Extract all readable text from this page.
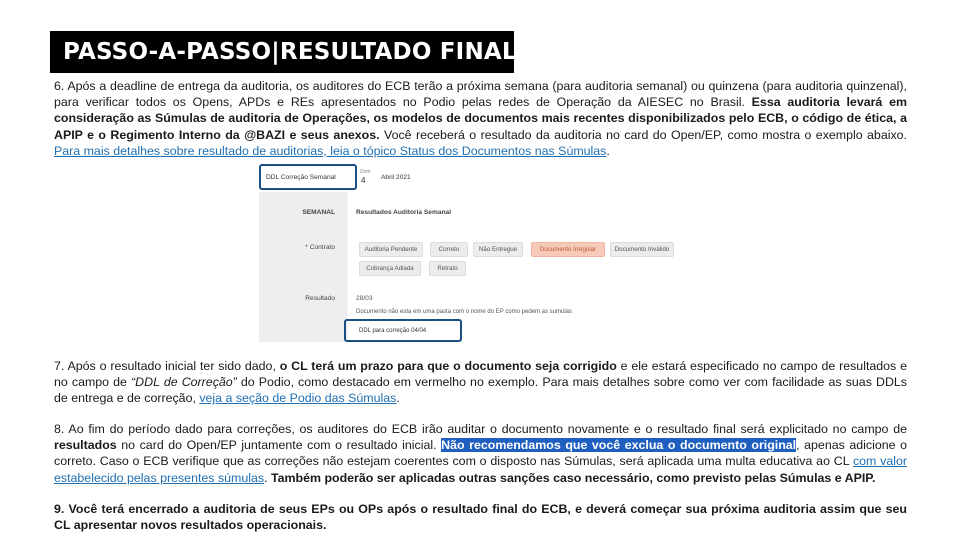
PASSO-A-PASSO|RESULTADO FINAL

6. Após a deadline de entrega da auditoria, os auditores do ECB terão a próxima semana (para auditoria semanal) ou quinzena (para auditoria quinzenal), para verificar todos os Opens, APDs e REs apresentados no Podio pelas redes de Operação da AIESEC no Brasil. Essa auditoria levará em consideração as Súmulas de auditoria de Operações, os modelos de documentos mais recentes disponibilizados pelo ECB, o código de ética, a APIP e o Regimento Interno da @BAZI e seus anexos. Você receberá o resultado da auditoria no card do Open/EP, como mostra o exemplo abaixo. Para mais detalhes sobre resultado de auditorias, leia o tópico Status dos Documentos nas Súmulas.

DDL Correção Semanal
Dom
4 Abril 2021
SEMANAL	Resultados Auditoria Semanal
* Contrato	Auditoria Pendente	Correto	Não Entregue	Documento Irregular	Documento Inválido
Cobrança Adiada	Retrato
Resultado	28/03
Documento não esta em uma pasta com o nome do EP como pedem as sumulas
DDL para correção 04/04

7. Após o resultado inicial ter sido dado, o CL terá um prazo para que o documento seja corrigido e ele estará especificado no campo de resultados e no campo de “DDL de Correção” do Podio, como destacado em vermelho no exemplo. Para mais detalhes sobre como ver com facilidade as suas DDLs de entrega e de correção, veja a seção de Podio das Súmulas.

8. Ao fim do período dado para correções, os auditores do ECB irão auditar o documento novamente e o resultado final será explicitado no campo de resultados no card do Open/EP juntamente com o resultado inicial. Não recomendamos que você exclua o documento original, apenas adicione o correto. Caso o ECB verifique que as correções não estejam coerentes com o disposto nas Súmulas, será aplicada uma multa educativa ao CL com valor estabelecido pelas presentes súmulas. Também poderão ser aplicadas outras sanções caso necessário, como previsto pelas Súmulas e APIP.

9. Você terá encerrado a auditoria de seus EPs ou OPs após o resultado final do ECB, e deverá começar sua próxima auditoria assim que seu CL apresentar novos resultados operacionais.
